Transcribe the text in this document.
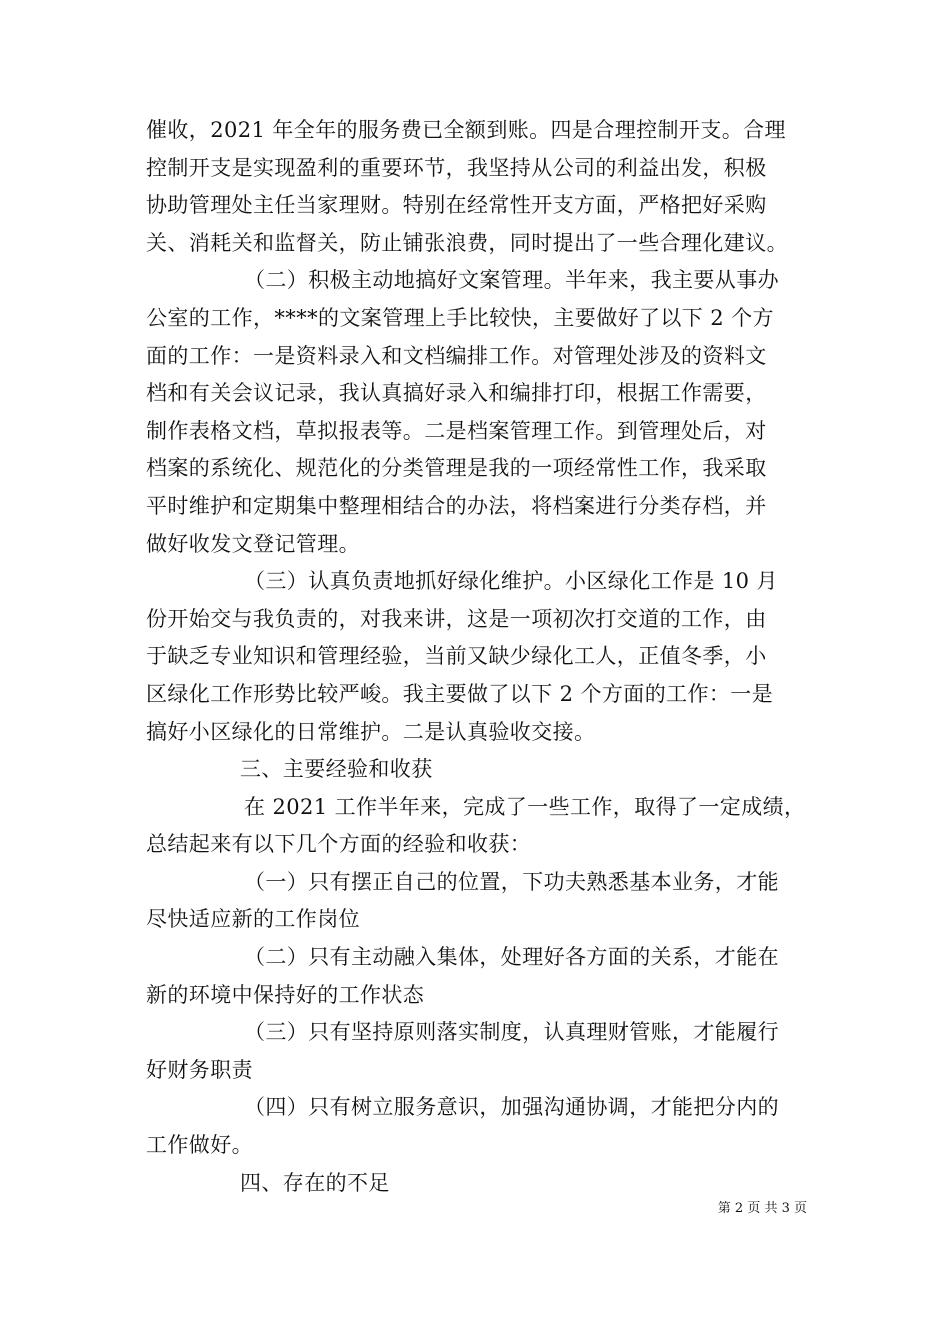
催收，2021 年全年的服务费已全额到账。四是合理控制开支。合理
控制开支是实现盈利的重要环节，我坚持从公司的利益出发，积极
协助管理处主任当家理财。特别在经常性开支方面，严格把好采购
关、消耗关和监督关，防止铺张浪费，同时提出了一些合理化建议。
（二）积极主动地搞好文案管理。半年来，我主要从事办
公室的工作，****的文案管理上手比较快，主要做好了以下 2 个方
面的工作：一是资料录入和文档编排工作。对管理处涉及的资料文
档和有关会议记录，我认真搞好录入和编排打印，根据工作需要，
制作表格文档，草拟报表等。二是档案管理工作。到管理处后，对
档案的系统化、规范化的分类管理是我的一项经常性工作，我采取
平时维护和定期集中整理相结合的办法，将档案进行分类存档，并
做好收发文登记管理。
（三）认真负责地抓好绿化维护。小区绿化工作是 10 月
份开始交与我负责的，对我来讲，这是一项初次打交道的工作，由
于缺乏专业知识和管理经验，当前又缺少绿化工人，正值冬季，小
区绿化工作形势比较严峻。我主要做了以下 2 个方面的工作：一是
搞好小区绿化的日常维护。二是认真验收交接。
三、主要经验和收获
在 2021 工作半年来，完成了一些工作，取得了一定成绩，
总结起来有以下几个方面的经验和收获：
（一）只有摆正自己的位置，下功夫熟悉基本业务，才能
尽快适应新的工作岗位
（二）只有主动融入集体，处理好各方面的关系，才能在
新的环境中保持好的工作状态
（三）只有坚持原则落实制度，认真理财管账，才能履行
好财务职责
（四）只有树立服务意识，加强沟通协调，才能把分内的
工作做好。
四、存在的不足
第 2 页 共 3 页
